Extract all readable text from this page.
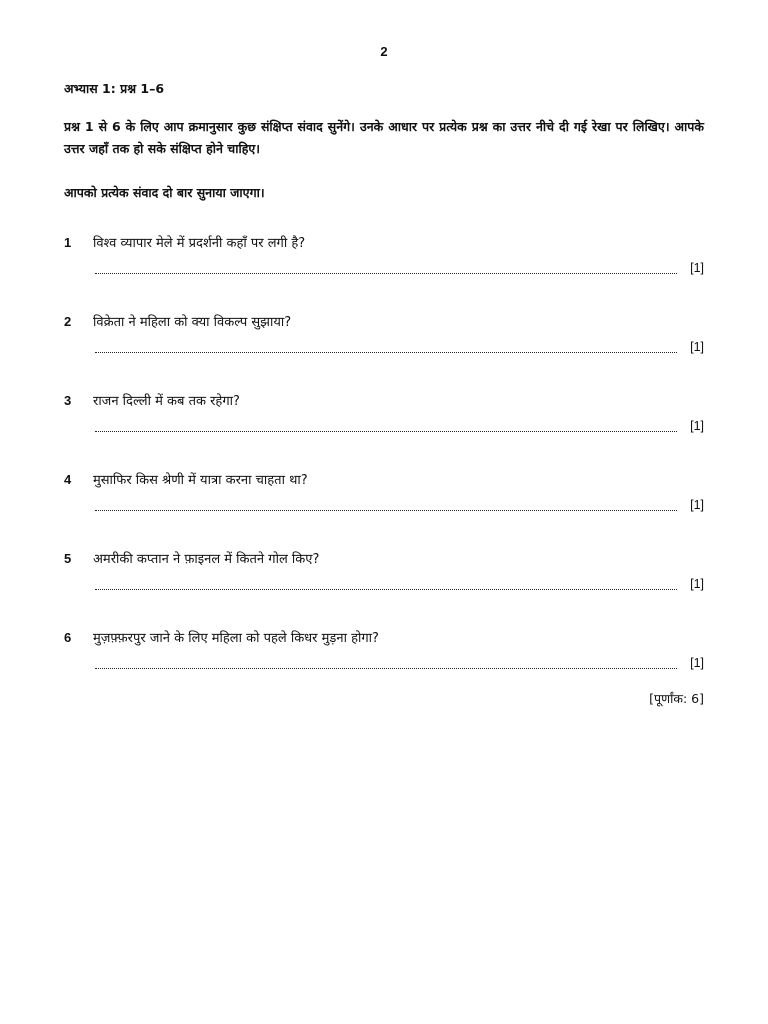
2
अभ्यास 1: प्रश्न 1–6

प्रश्न 1 से 6 के लिए आप क्रमानुसार कुछ संक्षिप्त संवाद सुनेंगे। उनके आधार पर प्रत्येक प्रश्न का उत्तर नीचे दी गई रेखा पर लिखिए। आपके उत्तर जहाँ तक हो सके संक्षिप्त होने चाहिए।

आपको प्रत्येक संवाद दो बार सुनाया जाएगा।

1 विश्व व्यापार मेले में प्रदर्शनी कहाँ पर लगी है?
[1]
2 विक्रेता ने महिला को क्या विकल्प सुझाया?
[1]
3 राजन दिल्ली में कब तक रहेगा?
[1]
4 मुसाफिर किस श्रेणी में यात्रा करना चाहता था?
[1]
5 अमरीकी कप्तान ने फ़ाइनल में कितने गोल किए?
[1]
6 मुज़फ़्फ़रपुर जाने के लिए महिला को पहले किधर मुड़ना होगा?
[1]
[पूर्णांक: 6]
